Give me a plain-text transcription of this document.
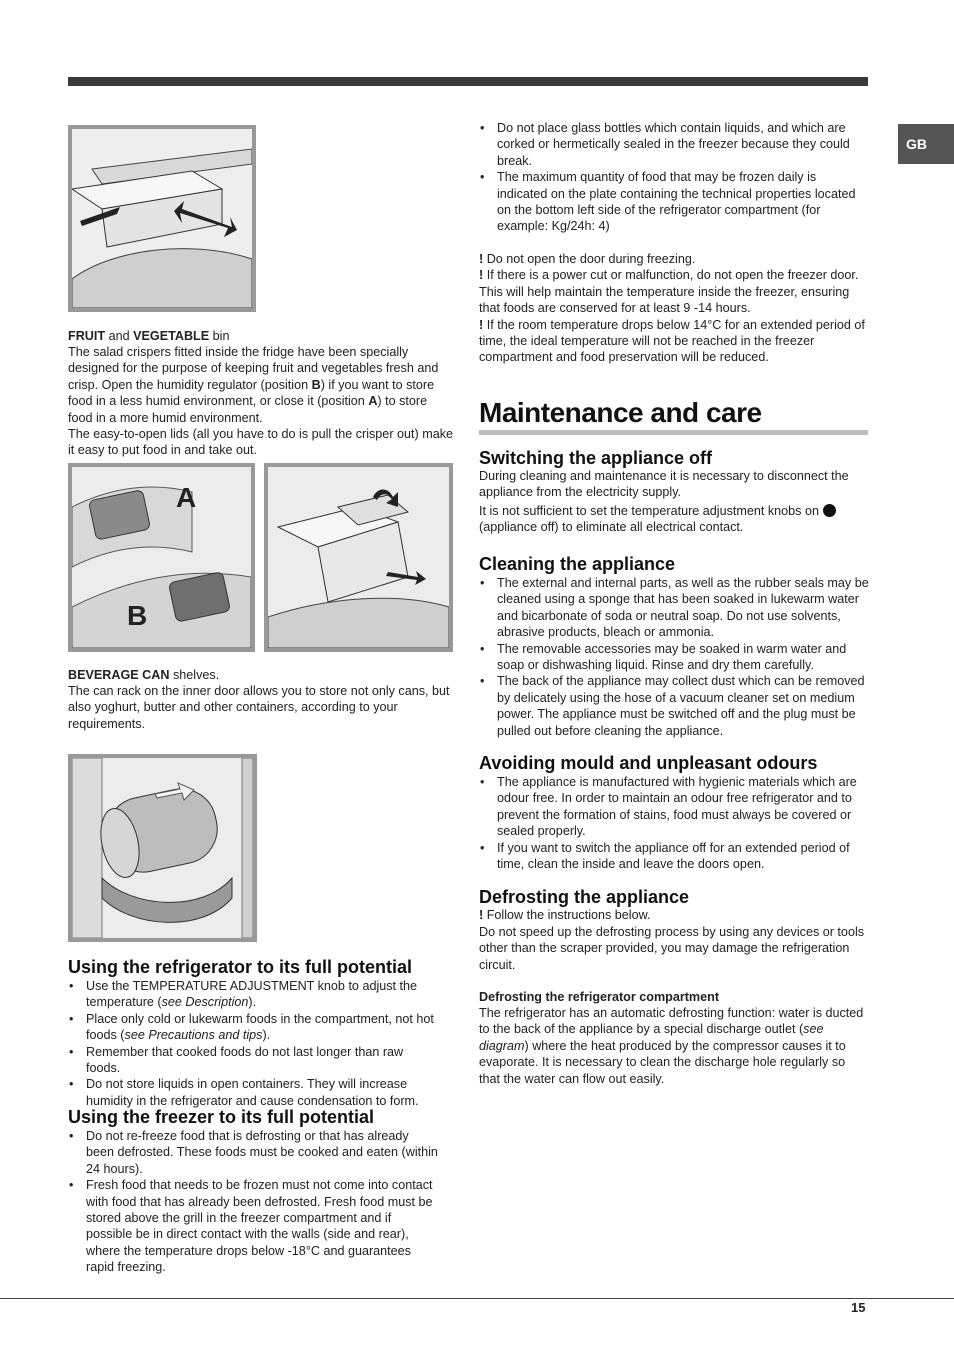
GB

FRUIT and VEGETABLE bin

The salad crispers fitted inside the fridge have been specially designed for the purpose of keeping fruit and vegetables fresh and crisp. Open the humidity regulator (position B) if you want to store food in a less humid environment, or close it (position A) to store food in a more humid environment.

The easy-to-open lids (all you have to do is pull the crisper out) make it easy to put food in and take out.

A
B

BEVERAGE CAN shelves.

The can rack on the inner door allows you to store not only cans, but also yoghurt, butter and other containers, according to your requirements.

Using the refrigerator to its full potential
• Use the TEMPERATURE ADJUSTMENT knob to adjust the temperature (see Description).
• Place only cold or lukewarm foods in the compartment, not hot foods (see Precautions and tips).
• Remember that cooked foods do not last longer than raw foods.
• Do not store liquids in open containers. They will increase humidity in the refrigerator and cause condensation to form.
Using the freezer to its full potential
• Do not re-freeze food that is defrosting or that has already been defrosted. These foods must be cooked and eaten (within 24 hours).
• Fresh food that needs to be frozen must not come into contact with food that has already been defrosted. Fresh food must be stored above the grill in the freezer compartment and if possible be in direct contact with the walls (side and rear), where the temperature drops below -18°C and guarantees rapid freezing.
• Do not place glass bottles which contain liquids, and which are corked or hermetically sealed in the freezer because they could break.
• The maximum quantity of food that may be frozen daily is indicated on the plate containing the technical properties located on the bottom left side of the refrigerator compartment (for example: Kg/24h: 4)

! Do not open the door during freezing.

! If there is a power cut or malfunction, do not open the freezer door. This will help maintain the temperature inside the freezer, ensuring that foods are conserved for at least 9 -14 hours.

! If the room temperature drops below 14°C for an extended period of time, the ideal temperature will not be reached in the freezer compartment and food preservation will be reduced.

Maintenance and care
Switching the appliance off

During cleaning and maintenance it is necessary to disconnect the appliance from the electricity supply.

It is not sufficient to set the temperature adjustment knobs on  (appliance off) to eliminate all electrical contact.

Cleaning the appliance
• The external and internal parts, as well as the rubber seals may be cleaned using a sponge that has been soaked in lukewarm water and bicarbonate of soda or neutral soap. Do not use solvents, abrasive products, bleach or ammonia.
• The removable accessories may be soaked in warm water and soap or dishwashing liquid. Rinse and dry them carefully.
• The back of the appliance may collect dust which can be removed by delicately using the hose of a vacuum cleaner set on medium power. The appliance must be switched off and the plug must be pulled out before cleaning the appliance.
Avoiding mould and unpleasant odours
• The appliance is manufactured with hygienic materials which are odour free. In order to maintain an odour free refrigerator and to prevent the formation of stains, food must always be covered or sealed properly.
• If you want to switch the appliance off for an extended period of time, clean the inside and leave the doors open.
Defrosting the appliance

! Follow the instructions below.

Do not speed up the defrosting process by using any devices or tools other than the scraper provided, you may damage the refrigeration circuit.

Defrosting the refrigerator compartment

The refrigerator has an automatic defrosting function: water is ducted to the back of the appliance by a special discharge outlet (see diagram) where the heat produced by the compressor causes it to evaporate. It is necessary to clean the discharge hole regularly so that the water can flow out easily.

15
